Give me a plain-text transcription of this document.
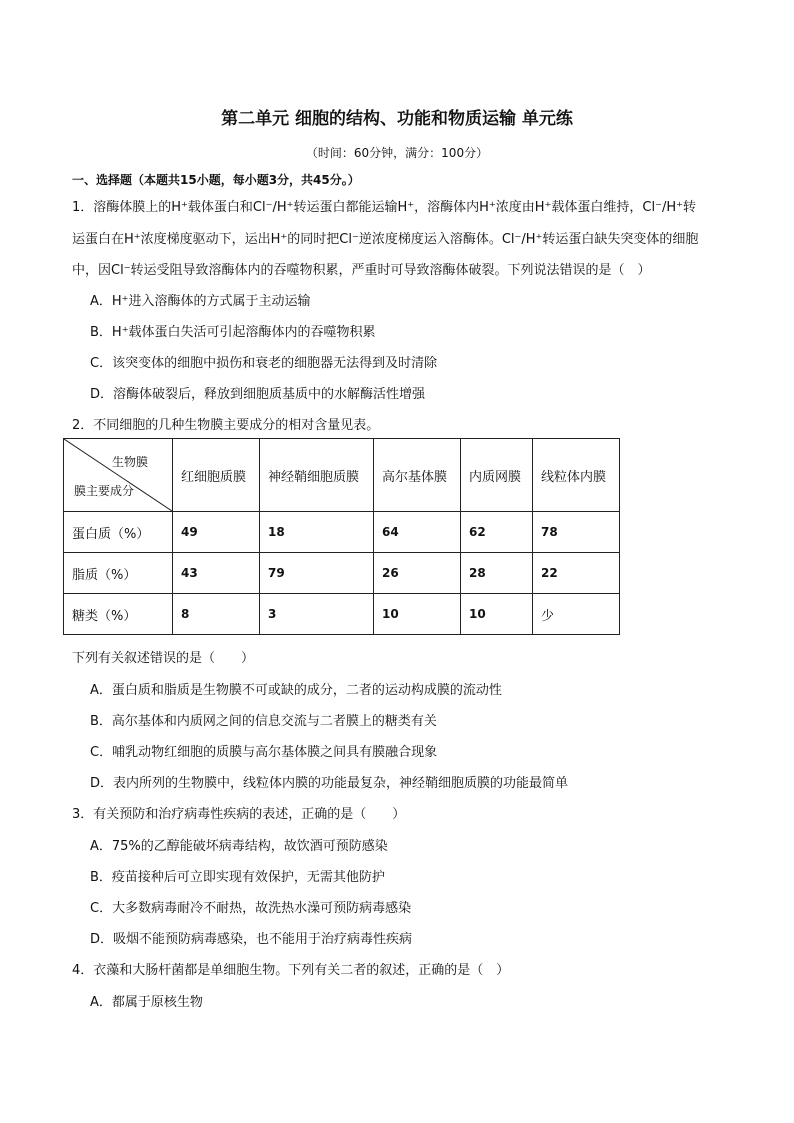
第二单元 细胞的结构、功能和物质运输 单元练
（时间：60分钟，满分：100分）
一、选择题（本题共15小题，每小题3分，共45分。）
1．溶酶体膜上的H⁺载体蛋白和Cl⁻/H⁺转运蛋白都能运输H⁺，溶酶体内H⁺浓度由H⁺载体蛋白维持，Cl⁻/H⁺转
运蛋白在H⁺浓度梯度驱动下，运出H⁺的同时把Cl⁻逆浓度梯度运入溶酶体。Cl⁻/H⁺转运蛋白缺失突变体的细胞
中，因Cl⁻转运受阻导致溶酶体内的吞噬物积累，严重时可导致溶酶体破裂。下列说法错误的是（　）
A．H⁺进入溶酶体的方式属于主动运输
B．H⁺载体蛋白失活可引起溶酶体内的吞噬物积累
C．该突变体的细胞中损伤和衰老的细胞器无法得到及时清除
D．溶酶体破裂后，释放到细胞质基质中的水解酶活性增强
2．不同细胞的几种生物膜主要成分的相对含量见表。
生物膜
膜主要成分	红细胞质膜	神经鞘细胞质膜	高尔基体膜	内质网膜	线粒体内膜
蛋白质（%）	49	18	64	62	78
脂质（%）	43	79	26	28	22
糖类（%）	8	3	10	10	少
下列有关叙述错误的是（　　）
A．蛋白质和脂质是生物膜不可或缺的成分，二者的运动构成膜的流动性
B．高尔基体和内质网之间的信息交流与二者膜上的糖类有关
C．哺乳动物红细胞的质膜与高尔基体膜之间具有膜融合现象
D．表内所列的生物膜中，线粒体内膜的功能最复杂，神经鞘细胞质膜的功能最简单
3．有关预防和治疗病毒性疾病的表述，正确的是（　　）
A．75%的乙醇能破坏病毒结构，故饮酒可预防感染
B．疫苗接种后可立即实现有效保护，无需其他防护
C．大多数病毒耐冷不耐热，故洗热水澡可预防病毒感染
D．吸烟不能预防病毒感染，也不能用于治疗病毒性疾病
4．衣藻和大肠杆菌都是单细胞生物。下列有关二者的叙述，正确的是（　）
A．都属于原核生物
